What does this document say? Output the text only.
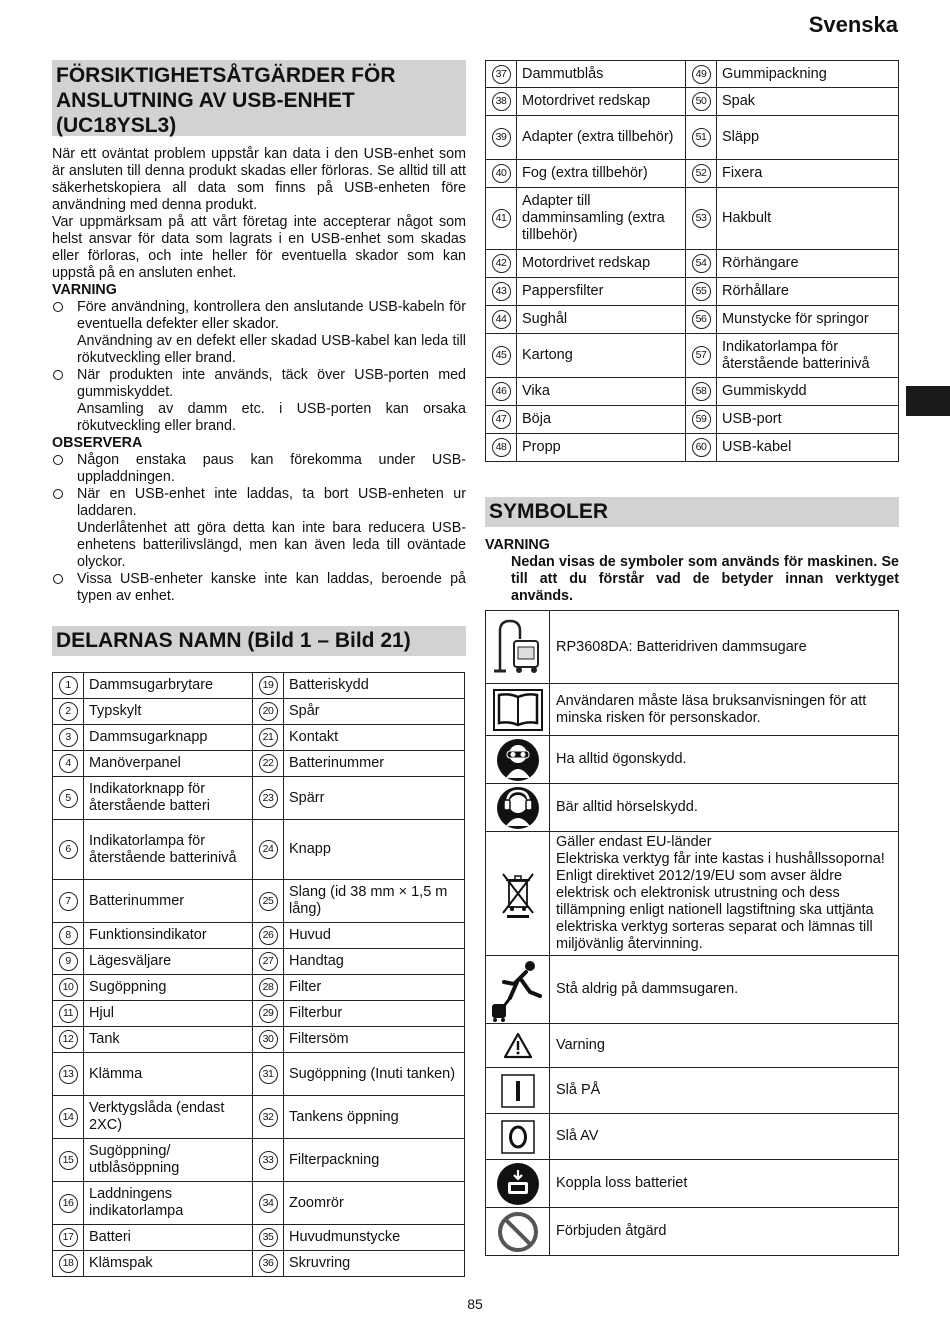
Svenska
FÖRSIKTIGHETSÅTGÄRDER FÖR ANSLUTNING AV USB-ENHET (UC18YSL3)

När ett oväntat problem uppstår kan data i den USB-enhet som är ansluten till denna produkt skadas eller förloras. Se alltid till att säkerhetskopiera all data som finns på USB-enheten före användning med denna produkt.

Var uppmärksam på att vårt företag inte accepterar något som helst ansvar för data som lagrats i en USB-enhet som skadas eller förloras, och inte heller för eventuella skador som kan uppstå på en ansluten enhet.

VARNING

Före användning, kontrollera den anslutande USB-kabeln för eventuella defekter eller skador.
Användning av en defekt eller skadad USB-kabel kan leda till rökutveckling eller brand.
När produkten inte används, täck över USB-porten med gummiskyddet.
Ansamling av damm etc. i USB-porten kan orsaka rökutveckling eller brand.

OBSERVERA

Någon enstaka paus kan förekomma under USB-uppladdningen.
När en USB-enhet inte laddas, ta bort USB-enheten ur laddaren.
Underlåtenhet att göra detta kan inte bara reducera USB-enhetens batterilivslängd, men kan även leda till oväntade olyckor.
Vissa USB-enheter kanske inte kan laddas, beroende på typen av enhet.
DELARNAS NAMN (Bild 1 – Bild 21)
1	Dammsugarbrytare	19	Batteriskydd
2	Typskylt	20	Spår
3	Dammsugarknapp	21	Kontakt
4	Manöverpanel	22	Batterinummer
5	Indikatorknapp för återstående batteri	23	Spärr
6	Indikatorlampa för återstående batterinivå	24	Knapp
7	Batterinummer	25	Slang (id 38 mm × 1,5 m lång)
8	Funktionsindikator	26	Huvud
9	Lägesväljare	27	Handtag
10	Sugöppning	28	Filter
11	Hjul	29	Filterbur
12	Tank	30	Filtersöm
13	Klämma	31	Sugöppning (Inuti tanken)
14	Verktygslåda (endast 2XC)	32	Tankens öppning
15	Sugöppning/ utblåsöppning	33	Filterpackning
16	Laddningens indikatorlampa	34	Zoomrör
17	Batteri	35	Huvudmunstycke
18	Klämspak	36	Skruvring
37	Dammutblås	49	Gummipackning
38	Motordrivet redskap	50	Spak
39	Adapter (extra tillbehör)	51	Släpp
40	Fog (extra tillbehör)	52	Fixera
41	Adapter till damminsamling (extra tillbehör)	53	Hakbult
42	Motordrivet redskap	54	Rörhängare
43	Pappersfilter	55	Rörhållare
44	Sughål	56	Munstycke för springor
45	Kartong	57	Indikatorlampa för återstående batterinivå
46	Vika	58	Gummiskydd
47	Böja	59	USB-port
48	Propp	60	USB-kabel
SYMBOLER
VARNING
Nedan visas de symboler som används för maskinen. Se till att du förstår vad de betyder innan verktyget används.
	RP3608DA: Batteridriven dammsugare

	Användaren måste läsa bruksanvisningen för att minska risken för personskador.

	Ha alltid ögonskydd.

	Bär alltid hörselskydd.

	Gäller endast EU-länder
Elektriska verktyg får inte kastas i hushållssoporna!
Enligt direktivet 2012/19/EU som avser äldre elektrisk och elektronisk utrustning och dess tillämpning enligt nationell lagstiftning ska uttjänta elektriska verktyg sorteras separat och lämnas till miljövänlig återvinning.

	Stå aldrig på dammsugaren.

	Varning

	Slå PÅ

	Slå AV

	Koppla loss batteriet

	Förbjuden åtgärd
85
